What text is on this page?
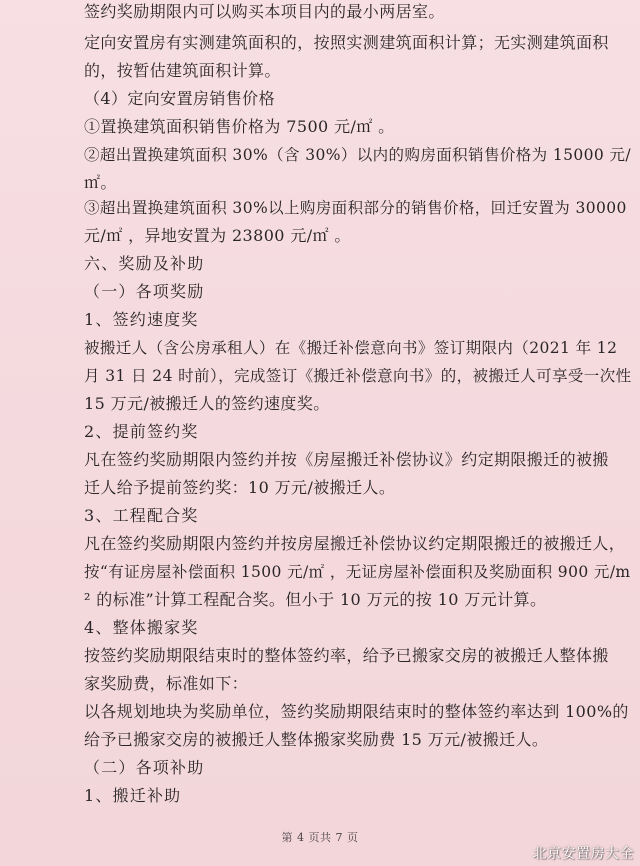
签约奖励期限内可以购买本项目内的最小两居室。
定向安置房有实测建筑面积的，按照实测建筑面积计算；无实测建筑面积
的，按暂估建筑面积计算。
（4）定向安置房销售价格
①置换建筑面积销售价格为 7500 元/㎡ 。
②超出置换建筑面积 30%（含 30%）以内的购房面积销售价格为 15000 元/
㎡。
③超出置换建筑面积 30%以上购房面积部分的销售价格，回迁安置为 30000
元/㎡ ，异地安置为 23800 元/㎡ 。
六、奖励及补助
（一）各项奖励
1、签约速度奖
被搬迁人（含公房承租人）在《搬迁补偿意向书》签订期限内（2021 年 12
月 31 日 24 时前），完成签订《搬迁补偿意向书》的，被搬迁人可享受一次性
15 万元/被搬迁人的签约速度奖。
2、提前签约奖
凡在签约奖励期限内签约并按《房屋搬迁补偿协议》约定期限搬迁的被搬
迁人给予提前签约奖：10 万元/被搬迁人。
3、工程配合奖
凡在签约奖励期限内签约并按房屋搬迁补偿协议约定期限搬迁的被搬迁人，
按“有证房屋补偿面积 1500 元/㎡ ，无证房屋补偿面积及奖励面积 900 元/m
² 的标准”计算工程配合奖。但小于 10 万元的按 10 万元计算。
4、整体搬家奖
按签约奖励期限结束时的整体签约率，给予已搬家交房的被搬迁人整体搬
家奖励费，标准如下：
以各规划地块为奖励单位，签约奖励期限结束时的整体签约率达到 100%的
给予已搬家交房的被搬迁人整体搬家奖励费 15 万元/被搬迁人。
（二）各项补助
1、搬迁补助
第 4 页共 7 页
北京安置房大全
